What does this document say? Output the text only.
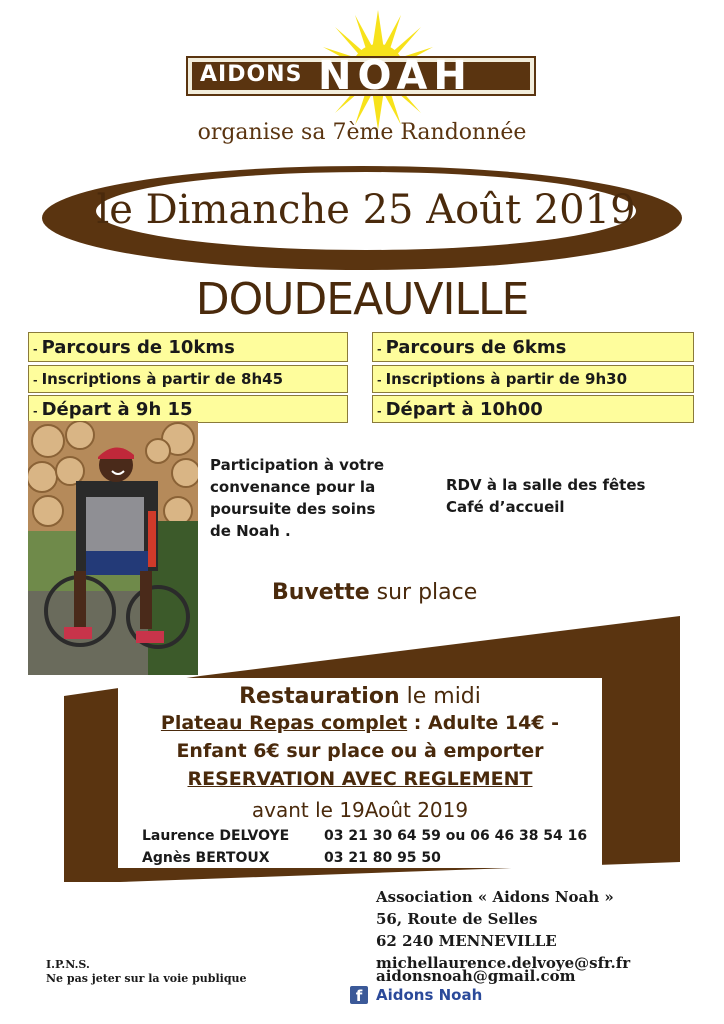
AIDONS NOAH
organise sa 7ème Randonnée
le Dimanche 25 Août 2019
DOUDEAUVILLE
- Parcours de 10kms
- Inscriptions à partir de 8h45
- Départ à 9h 15
- Parcours de 6kms
- Inscriptions à partir de 9h30
- Départ à 10h00
Participation à votre
convenance pour la
poursuite des soins
de Noah .
RDV à la salle des fêtes
Café d’accueil
Buvette sur place
Restauration le midi
Plateau Repas complet : Adulte 14€ -
Enfant 6€ sur place ou à emporter
RESERVATION AVEC REGLEMENT
avant le 19Août 2019
Laurence DELVOYE 03 21 30 64 59 ou 06 46 38 54 16
Agnès BERTOUX	03 21 80 95 50
Association « Aidons Noah »
56, Route de Selles
62 240 MENNEVILLE
michellaurence.delvoye@sfr.fr
aidonsnoah@gmail.com
f Aidons Noah
I.P.N.S.
Ne pas jeter sur la voie publique
